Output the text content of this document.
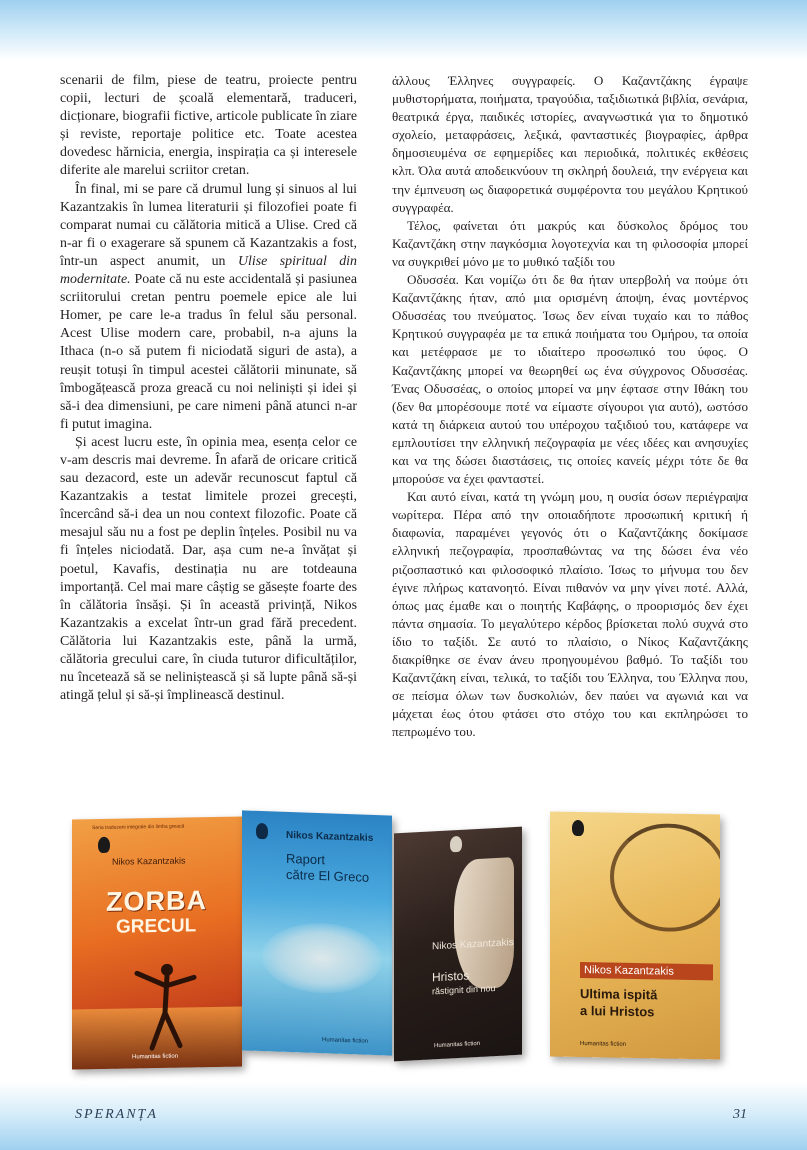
scenarii de film, piese de teatru, proiecte pentru copii, lecturi de școală elementară, traduceri, dicționare, biografii fictive, articole publicate în ziare și reviste, reportaje politice etc. Toate acestea dovedesc hărnicia, energia, inspirația ca și interesele diferite ale marelui scriitor cretan.

În final, mi se pare că drumul lung și sinuos al lui Kazantzakis în lumea literaturii și filozofiei poate fi comparat numai cu călătoria mitică a Ulise. Cred că n-ar fi o exagerare să spunem că Kazantzakis a fost, într-un aspect anumit, un Ulise spiritual din modernitate. Poate că nu este accidentală și pasiunea scriitorului cretan pentru poemele epice ale lui Homer, pe care le-a tradus în felul său personal. Acest Ulise modern care, probabil, n-a ajuns la Ithaca (n-o să putem fi niciodată siguri de asta), a reușit totuși în timpul acestei călătorii minunate, să îmbogățească proza greacă cu noi neliniști și idei și să-i dea dimensiuni, pe care nimeni până atunci n-ar fi putut imagina.

Și acest lucru este, în opinia mea, esența celor ce v-am descris mai devreme. În afară de oricare critică sau dezacord, este un adevăr recunoscut faptul că Kazantzakis a testat limitele prozei grecești, încercând să-i dea un nou context filozofic. Poate că mesajul său nu a fost pe deplin înțeles. Posibil nu va fi înțeles niciodată. Dar, așa cum ne-a învățat și poetul, Kavafis, destinația nu are totdeauna importanță. Cel mai mare câștig se găsește foarte des în călătoria însăși. Și în această privință, Nikos Kazantzakis a excelat într-un grad fără precedent. Călătoria lui Kazantzakis este, până la urmă, călătoria grecului care, în ciuda tuturor dificultăților, nu încetează să se neliniștească și să lupte până să-și atingă țelul și să-și împlinească destinul.

άλλους Έλληνες συγγραφείς. Ο Καζαντζάκης έγραψε μυθιστορήματα, ποιήματα, τραγούδια, ταξιδιωτικά βιβλία, σενάρια, θεατρικά έργα, παιδικές ιστορίες, αναγνωστικά για το δημοτικό σχολείο, μεταφράσεις, λεξικά, φανταστικές βιογραφίες, άρθρα δημοσιευμένα σε εφημερίδες και περιοδικά, πολιτικές εκθέσεις κλπ. Όλα αυτά αποδεικνύουν τη σκληρή δουλειά, την ενέργεια και την έμπνευση ως διαφορετικά συμφέροντα του μεγάλου Κρητικού συγγραφέα.

Τέλος, φαίνεται ότι μακρύς και δύσκολος δρόμος του Καζαντζάκη στην παγκόσμια λογοτεχνία και τη φιλοσοφία μπορεί να συγκριθεί μόνο με το μυθικό ταξίδι του

Οδυσσέα. Και νομίζω ότι δε θα ήταν υπερβολή να πούμε ότι Καζαντζάκης ήταν, από μια ορισμένη άποψη, ένας μοντέρνος Οδυσσέας του πνεύματος. Ίσως δεν είναι τυχαίο και το πάθος Κρητικού συγγραφέα με τα επικά ποιήματα του Ομήρου, τα οποία και μετέφρασε με το ιδιαίτερο προσωπικό του ύφος. Ο Καζαντζάκης μπορεί να θεωρηθεί ως ένα σύγχρονος Οδυσσέας. Ένας Οδυσσέας, ο οποίος μπορεί να μην έφτασε στην Ιθάκη του (δεν θα μπορέσουμε ποτέ να είμαστε σίγουροι για αυτό), ωστόσο κατά τη διάρκεια αυτού του υπέροχου ταξιδιού του, κατάφερε να εμπλουτίσει την ελληνική πεζογραφία με νέες ιδέες και ανησυχίες και να της δώσει διαστάσεις, τις οποίες κανείς μέχρι τότε δε θα μπορούσε να έχει φανταστεί.

Και αυτό είναι, κατά τη γνώμη μου, η ουσία όσων περιέγραψα νωρίτερα. Πέρα από την οποιαδήποτε προσωπική κριτική ή διαφωνία, παραμένει γεγονός ότι ο Καζαντζάκης δοκίμασε ελληνική πεζογραφία, προσπαθώντας να της δώσει ένα νέο ριζοσπαστικό και φιλοσοφικό πλαίσιο. Ίσως το μήνυμα του δεν έγινε πλήρως κατανοητό. Είναι πιθανόν να μην γίνει ποτέ. Αλλά, όπως μας έμαθε και ο ποιητής Καβάφης, ο προορισμός δεν έχει πάντα σημασία. Το μεγαλύτερο κέρδος βρίσκεται πολύ συχνά στο ίδιο το ταξίδι. Σε αυτό το πλαίσιο, ο Νίκος Καζαντζάκης διακρίθηκε σε έναν άνευ προηγουμένου βαθμό. Το ταξίδι του Καζαντζάκη είναι, τελικά, το ταξίδι του Έλληνα, του Έλληνα που, σε πείσμα όλων των δυσκολιών, δεν παύει να αγωνιά και να μάχεται έως ότου φτάσει στο στόχο του και εκπληρώσει το πεπρωμένο του.

Seria traducerii integrale din limba greacă
Nikos Kazantzakis
ZORBA
GRECUL
Humanitas fiction
Nikos Kazantzakis
Raport
către El Greco
Humanitas fiction
Nikos Kazantzakis
Hristos
răstignit din nou
Humanitas fiction
Nikos Kazantzakis
Ultima ispită
a lui Hristos
Humanitas fiction
SPERANȚA	31
